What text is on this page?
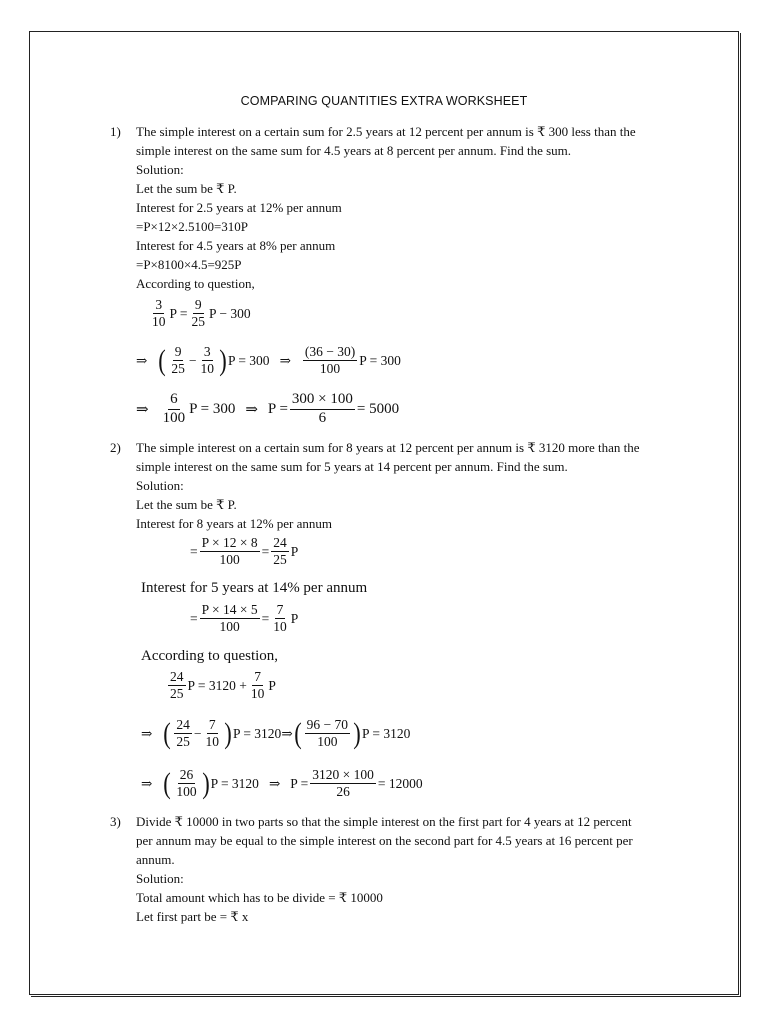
COMPARING QUANTITIES EXTRA WORKSHEET
1) The simple interest on a certain sum for 2.5 years at 12 percent per annum is ₹ 300 less than the
simple interest on the same sum for 4.5 years at 8 percent per annum. Find the sum.
Solution:
Let the sum be ₹ P.
Interest for 2.5 years at 12% per annum
=P×12×2.5100=310P
Interest for 4.5 years at 8% per annum
=P×8100×4.5=925P
According to question,
$\frac{3}{10}$ $P = \frac{9}{25}$ P − 300
⇒ ( $\frac{9}{25} - \frac{3}{10}$ ) P = 300 ⇒ $\frac{(36 - 30)}{100}$ P = 300
⇒ $\frac{6}{100}$ P = 300 ⇒ $P = \frac{300 \times 100}{6} = 5000$
2) The simple interest on a certain sum for 8 years at 12 percent per annum is ₹ 3120 more than the
simple interest on the same sum for 5 years at 14 percent per annum. Find the sum.
Solution:
Let the sum be ₹ P.
Interest for 8 years at 12% per annum
= $\frac{P \times 12 \times 8}{100} = \frac{24}{25}$ P
Interest for 5 years at 14% per annum
= $\frac{P \times 14 \times 5}{100} = \frac{7}{10}$ P
According to question,
$\frac{24}{25}$ $P = 3120 + \frac{7}{10}$ P
⇒ ( $\frac{24}{25} - \frac{7}{10}$ ) P = 3120 ⇒ ( $\frac{96 - 70}{100}$ ) P = 3120
⇒ ( $\frac{26}{100}$ ) P = 3120 ⇒ $P = \frac{3120 \times 100}{26} = 12000$
3) Divide ₹ 10000 in two parts so that the simple interest on the first part for 4 years at 12 percent
per annum may be equal to the simple interest on the second part for 4.5 years at 16 percent per
annum.
Solution:
Total amount which has to be divide = ₹ 10000
Let first part be = ₹ x
